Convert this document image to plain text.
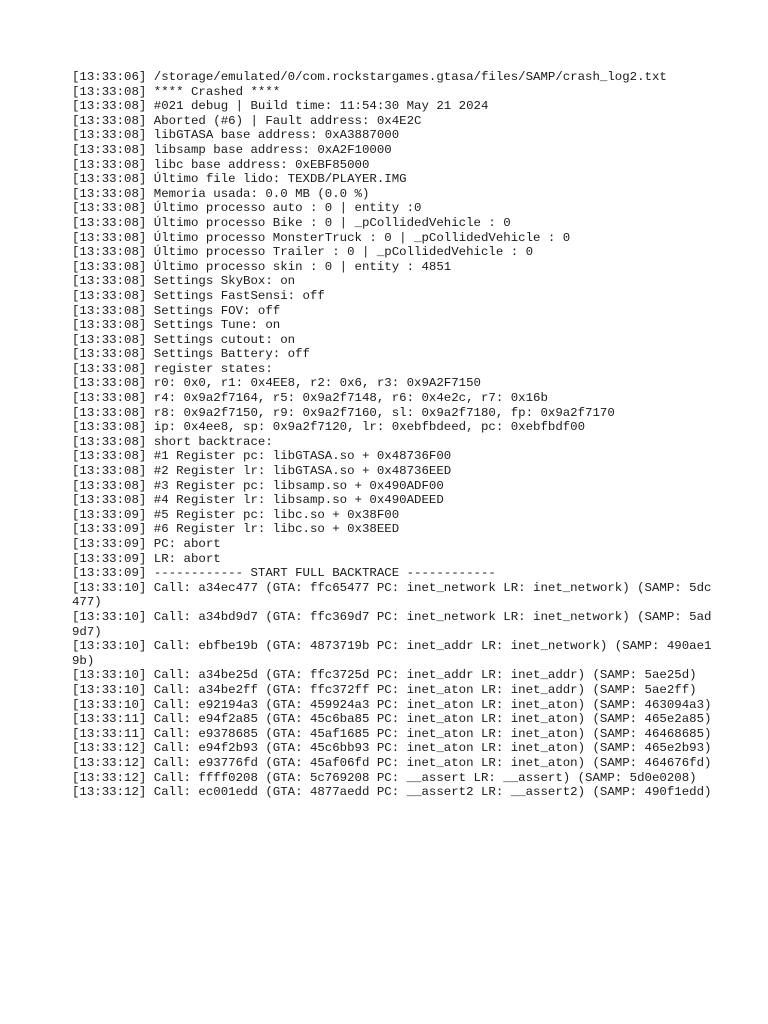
[13:33:06] /storage/emulated/0/com.rockstargames.gtasa/files/SAMP/crash_log2.txt
[13:33:08] **** Crashed ****
[13:33:08] #021 debug | Build time: 11:54:30 May 21 2024
[13:33:08] Aborted (#6) | Fault address: 0x4E2C
[13:33:08] libGTASA base address: 0xA3887000
[13:33:08] libsamp base address: 0xA2F10000
[13:33:08] libc base address: 0xEBF85000
[13:33:08] Último file lido: TEXDB/PLAYER.IMG
[13:33:08] Memoria usada: 0.0 MB (0.0 %)
[13:33:08] Último processo auto : 0 | entity :0
[13:33:08] Último processo Bike : 0 | _pCollidedVehicle : 0
[13:33:08] Último processo MonsterTruck : 0 | _pCollidedVehicle : 0
[13:33:08] Último processo Trailer : 0 | _pCollidedVehicle : 0
[13:33:08] Último processo skin : 0 | entity : 4851
[13:33:08] Settings SkyBox: on
[13:33:08] Settings FastSensi: off
[13:33:08] Settings FOV: off
[13:33:08] Settings Tune: on
[13:33:08] Settings cutout: on
[13:33:08] Settings Battery: off
[13:33:08] register states:
[13:33:08] r0: 0x0, r1: 0x4EE8, r2: 0x6, r3: 0x9A2F7150
[13:33:08] r4: 0x9a2f7164, r5: 0x9a2f7148, r6: 0x4e2c, r7: 0x16b
[13:33:08] r8: 0x9a2f7150, r9: 0x9a2f7160, sl: 0x9a2f7180, fp: 0x9a2f7170
[13:33:08] ip: 0x4ee8, sp: 0x9a2f7120, lr: 0xebfbdeed, pc: 0xebfbdf00
[13:33:08] short backtrace:
[13:33:08] #1 Register pc: libGTASA.so + 0x48736F00
[13:33:08] #2 Register lr: libGTASA.so + 0x48736EED
[13:33:08] #3 Register pc: libsamp.so + 0x490ADF00
[13:33:08] #4 Register lr: libsamp.so + 0x490ADEED
[13:33:09] #5 Register pc: libc.so + 0x38F00
[13:33:09] #6 Register lr: libc.so + 0x38EED
[13:33:09] PC: abort
[13:33:09] LR: abort
[13:33:09] ------------ START FULL BACKTRACE ------------
[13:33:10] Call: a34ec477 (GTA: ffc65477 PC: inet_network LR: inet_network) (SAMP: 5dc477)
[13:33:10] Call: a34bd9d7 (GTA: ffc369d7 PC: inet_network LR: inet_network) (SAMP: 5ad9d7)
[13:33:10] Call: ebfbe19b (GTA: 4873719b PC: inet_addr LR: inet_network) (SAMP: 490ae19b)
[13:33:10] Call: a34be25d (GTA: ffc3725d PC: inet_addr LR: inet_addr) (SAMP: 5ae25d)
[13:33:10] Call: a34be2ff (GTA: ffc372ff PC: inet_aton LR: inet_addr) (SAMP: 5ae2ff)
[13:33:10] Call: e92194a3 (GTA: 459924a3 PC: inet_aton LR: inet_aton) (SAMP: 463094a3)
[13:33:11] Call: e94f2a85 (GTA: 45c6ba85 PC: inet_aton LR: inet_aton) (SAMP: 465e2a85)
[13:33:11] Call: e9378685 (GTA: 45af1685 PC: inet_aton LR: inet_aton) (SAMP: 46468685)
[13:33:12] Call: e94f2b93 (GTA: 45c6bb93 PC: inet_aton LR: inet_aton) (SAMP: 465e2b93)
[13:33:12] Call: e93776fd (GTA: 45af06fd PC: inet_aton LR: inet_aton) (SAMP: 464676fd)
[13:33:12] Call: ffff0208 (GTA: 5c769208 PC: __assert LR: __assert) (SAMP: 5d0e0208)
[13:33:12] Call: ec001edd (GTA: 4877aedd PC: __assert2 LR: __assert2) (SAMP: 490f1edd)
